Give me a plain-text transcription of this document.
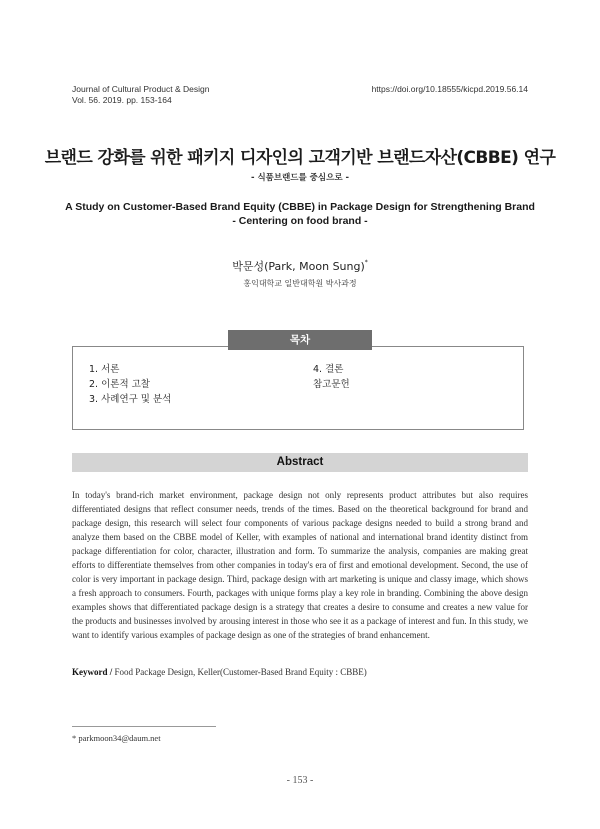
Journal of Cultural Product & Design
Vol. 56. 2019. pp. 153-164
https://doi.org/10.18555/kicpd.2019.56.14
브랜드 강화를 위한 패키지 디자인의 고객기반 브랜드자산(CBBE) 연구
- 식품브랜드를 중심으로 -
A Study on Customer-Based Brand Equity (CBBE) in Package Design for Strengthening Brand
- Centering on food brand -
박문성(Park, Moon Sung)*
홍익대학교 일반대학원 박사과정
1. 서론
2. 이론적 고찰
3. 사례연구 및 분석
4. 결론
참고문헌
목차
Abstract

In today's brand-rich market environment, package design not only represents product attributes but also requires differentiated designs that reflect consumer needs, trends of the times. Based on the theoretical background for brand and package design, this research will select four components of various package designs needed to build a strong brand and analyze them based on the CBBE model of Keller, with examples of national and international brand identity distinct from package differentiation for color, character, illustration and form. To summarize the analysis, companies are making great efforts to differentiate themselves from other companies in today's era of first and emotional development. Second, the use of color is very important in package design. Third, package design with art marketing is unique and classy image, which shows a fresh approach to consumers. Fourth, packages with unique forms play a key role in branding. Combining the above design examples shows that differentiated package design is a strategy that creates a desire to consume and creates a new value for the products and businesses involved by arousing interest in those who see it as a package of interest and fun. In this study, we want to identify various examples of package design as one of the strategies of brand enhancement.

Keyword / Food Package Design, Keller(Customer-Based Brand Equity : CBBE)
* parkmoon34@daum.net
- 153 -
